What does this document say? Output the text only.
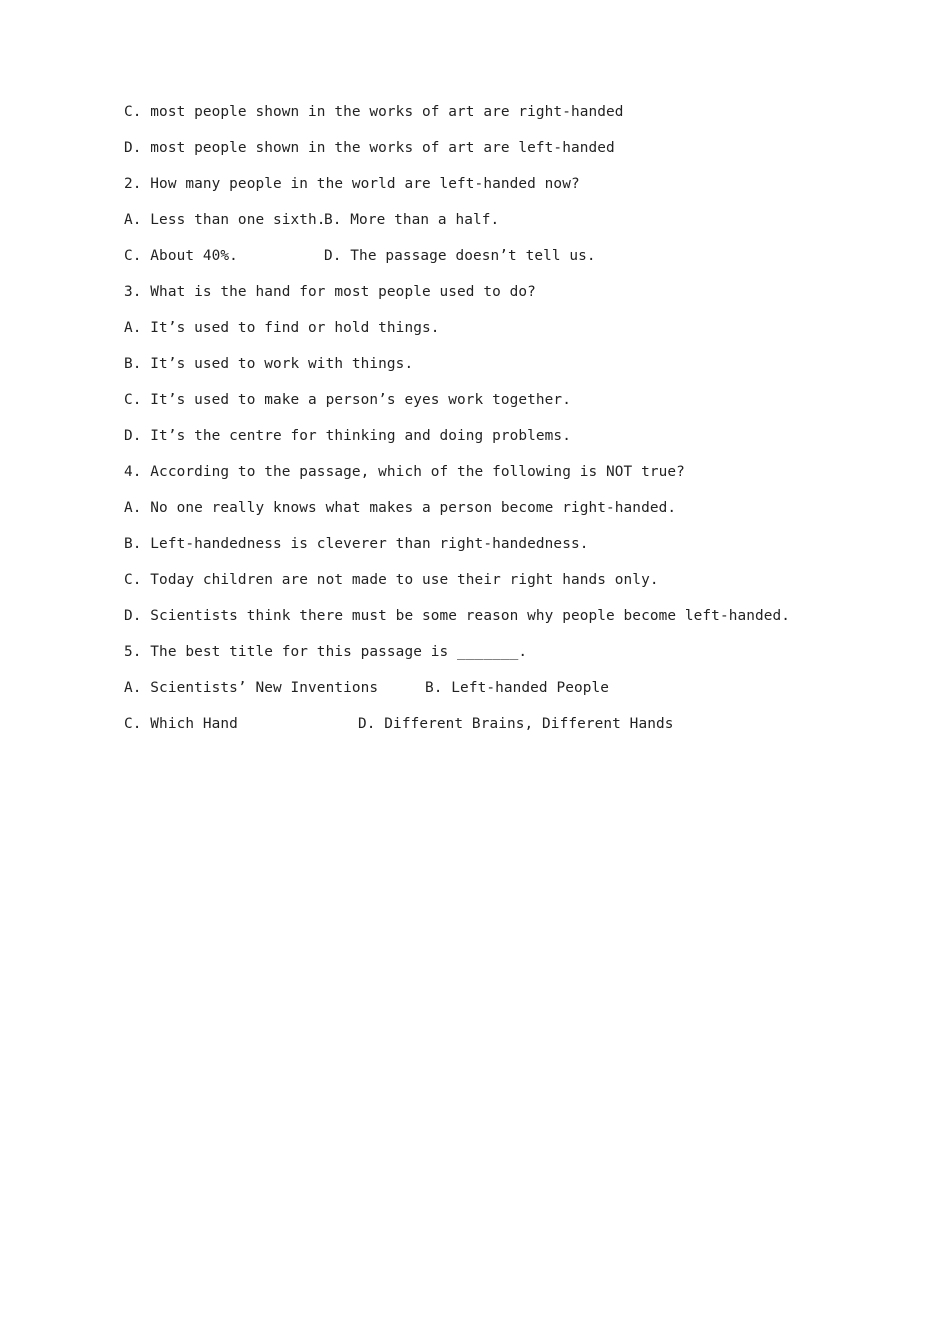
C. most people shown in the works of art are right-handed
D. most people shown in the works of art are left-handed
2. How many people in the world are left-handed now?
A. Less than one sixth.
B. More than a half.
C. About 40%.	D. The passage doesn’t tell us.
3. What is the hand for most people used to do?
A. It’s used to find or hold things.
B. It’s used to work with things.
C. It’s used to make a person’s eyes work together.
D. It’s the centre for thinking and doing problems.
4. According to the passage, which of the following is NOT true?
A. No one really knows what makes a person become right-handed.
B. Left-handedness is cleverer than right-handedness.
C. Today children are not made to use their right hands only.
D. Scientists think there must be some reason why people become left-handed.
5. The best title for this passage is _______.
A. Scientists’ New Inventions	B. Left-handed People
C. Which Hand	D. Different Brains, Different Hands
